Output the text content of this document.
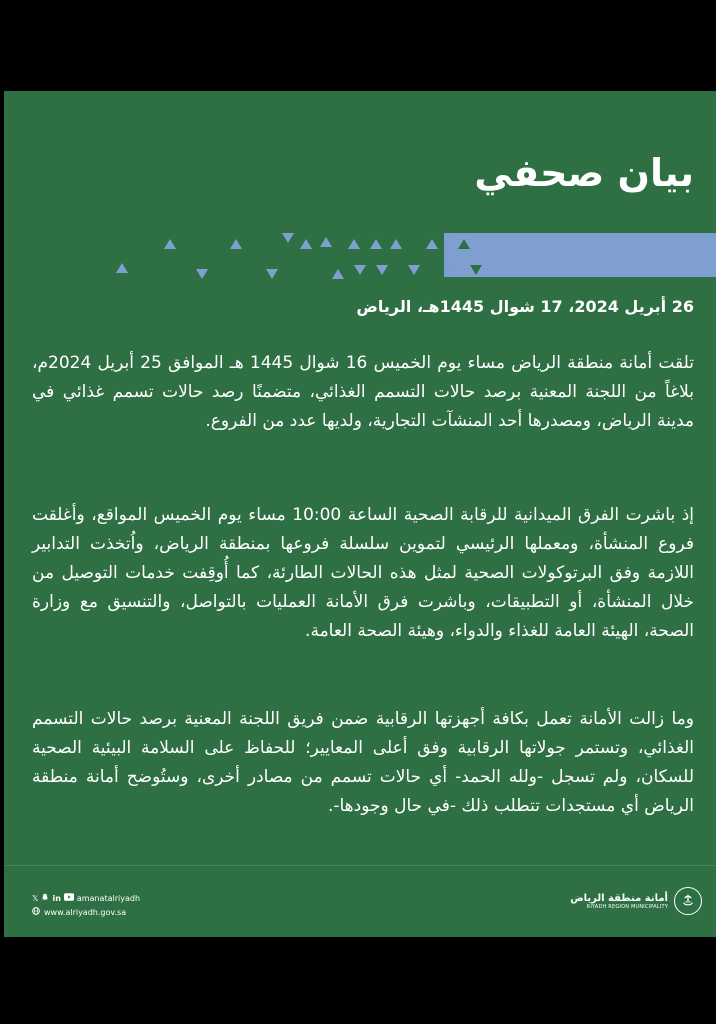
بيان صحفي

26 أبريل 2024، 17 شوال 1445هـ، الرياض

تلقت أمانة منطقة الرياض مساء يوم الخميس 16 شوال 1445 هـ الموافق 25 أبريل 2024م، بلاغاً من اللجنة المعنية برصد حالات التسمم الغذائي، متضمنًا رصد حالات تسمم غذائي في مدينة الرياض، ومصدرها أحد المنشآت التجارية، ولديها عدد من الفروع.

إذ باشرت الفرق الميدانية للرقابة الصحية الساعة 10:00 مساء يوم الخميس المواقع، وأغلقت فروع المنشأة، ومعملها الرئيسي لتموين سلسلة فروعها بمنطقة الرياض، واُتخذت التدابير اللازمة وفق البرتوكولات الصحية لمثل هذه الحالات الطارئة، كما أُوقِفت خدمات التوصيل من خلال المنشأة، أو التطبيقات، وباشرت فرق الأمانة العمليات بالتواصل، والتنسيق مع وزارة الصحة، الهيئة العامة للغذاء والدواء، وهيئة الصحة العامة.

وما زالت الأمانة تعمل بكافة أجهزتها الرقابية ضمن فريق اللجنة المعنية برصد حالات التسمم الغذائي، وتستمر جولاتها الرقابية وفق أعلى المعايير؛ للحفاظ على السلامة البيئية الصحية للسكان، ولم تسجل -ولله الحمد- أي حالات تسمم من مصادر أخرى، وستُوضح أمانة منطقة الرياض أي مستجدات تتطلب ذلك -في حال وجودها-.

𝕏 in amanatalriyadh
www.alriyadh.gov.sa
أمانة منطقة الرياض
RIYADH REGION MUNICIPALITY
